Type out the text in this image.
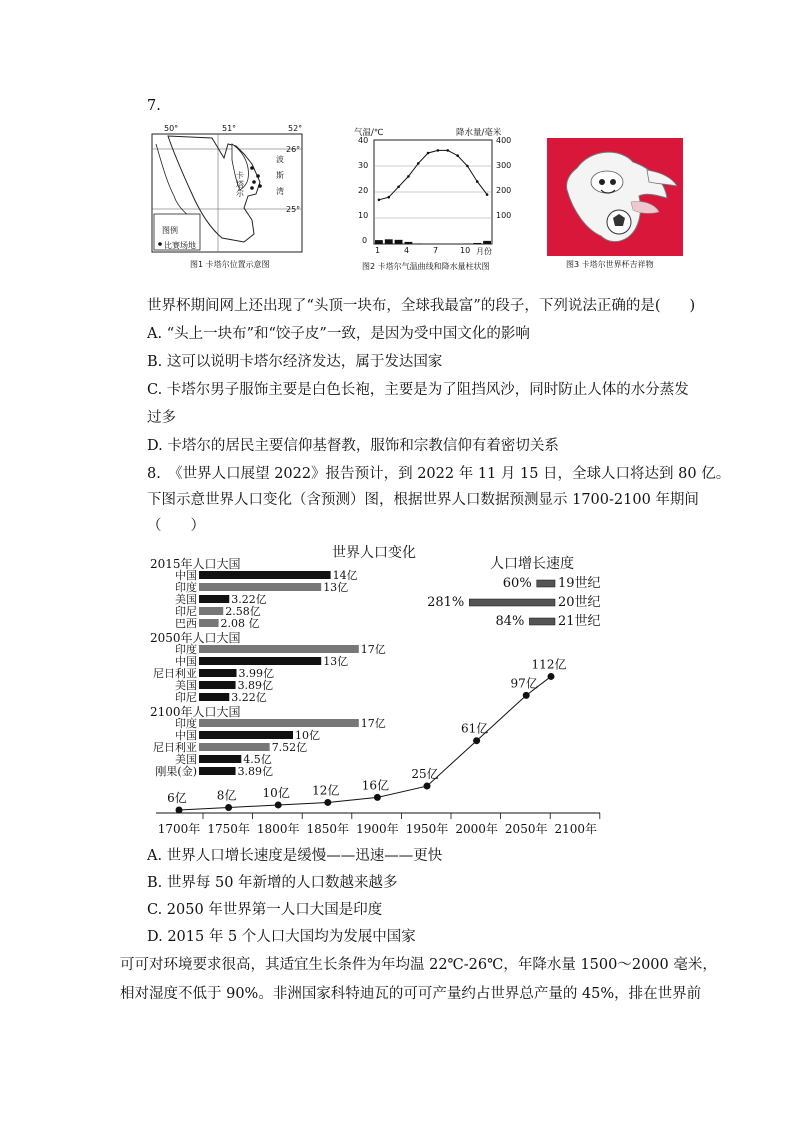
7.
50°	51°	52°
26°
25°
卡
塔
尔
波
斯
湾
图例
比赛场地
图1 卡塔尔位置示意图
气温/℃	降水量/毫米
40
30
20
10
0
400
300
200
100
1	4	7	10 月份
图2 卡塔尔气温曲线和降水量柱状图	图3 卡塔尔世界杯吉祥物
世界杯期间网上还出现了“头顶一块布，全球我最富”的段子，下列说法正确的是(　　)
A. “头上一块布”和“饺子皮”一致，是因为受中国文化的影响
B. 这可以说明卡塔尔经济发达，属于发达国家
C. 卡塔尔男子服饰主要是白色长袍，主要是为了阻挡风沙，同时防止人体的水分蒸发
过多
D. 卡塔尔的居民主要信仰基督教，服饰和宗教信仰有着密切关系
8.　《世界人口展望 2022》报告预计，到 2022 年 11 月 15 日，全球人口将达到 80 亿。
下图示意世界人口变化（含预测）图，根据世界人口数据预测显示 1700-2100 年期间
（　　）
世界人口变化
2015年人口大国
中国	14亿
印度	13亿
美国	3.22亿
印尼	2.58亿
巴西 2.08 亿
2050年人口大国
印度	17亿
中国	13亿
尼日利亚	3.99亿
美国	3.89亿
印尼	3.22亿
2100年人口大国
印度	17亿
中国	10亿
尼日利亚	7.52亿
美国	4.5亿
刚果(金)	3.89亿
人口增长速度
60% 19世纪
281%	20世纪
84%	21世纪
1700年 1750年 1800年 1850年 1900年 1950年 2000年 2050年 2100年
6亿 8亿 10亿 12亿 16亿
25亿
61亿
97亿
112亿
A. 世界人口增长速度是缓慢——迅速——更快
B. 世界每 50 年新增的人口数越来越多
C. 2050 年世界第一人口大国是印度
D. 2015 年 5 个人口大国均为发展中国家
可可对环境要求很高，其适宜生长条件为年均温 22℃-26℃，年降水量 1500～2000 毫米，
相对湿度不低于 90%。非洲国家科特迪瓦的可可产量约占世界总产量的 45%，排在世界前
